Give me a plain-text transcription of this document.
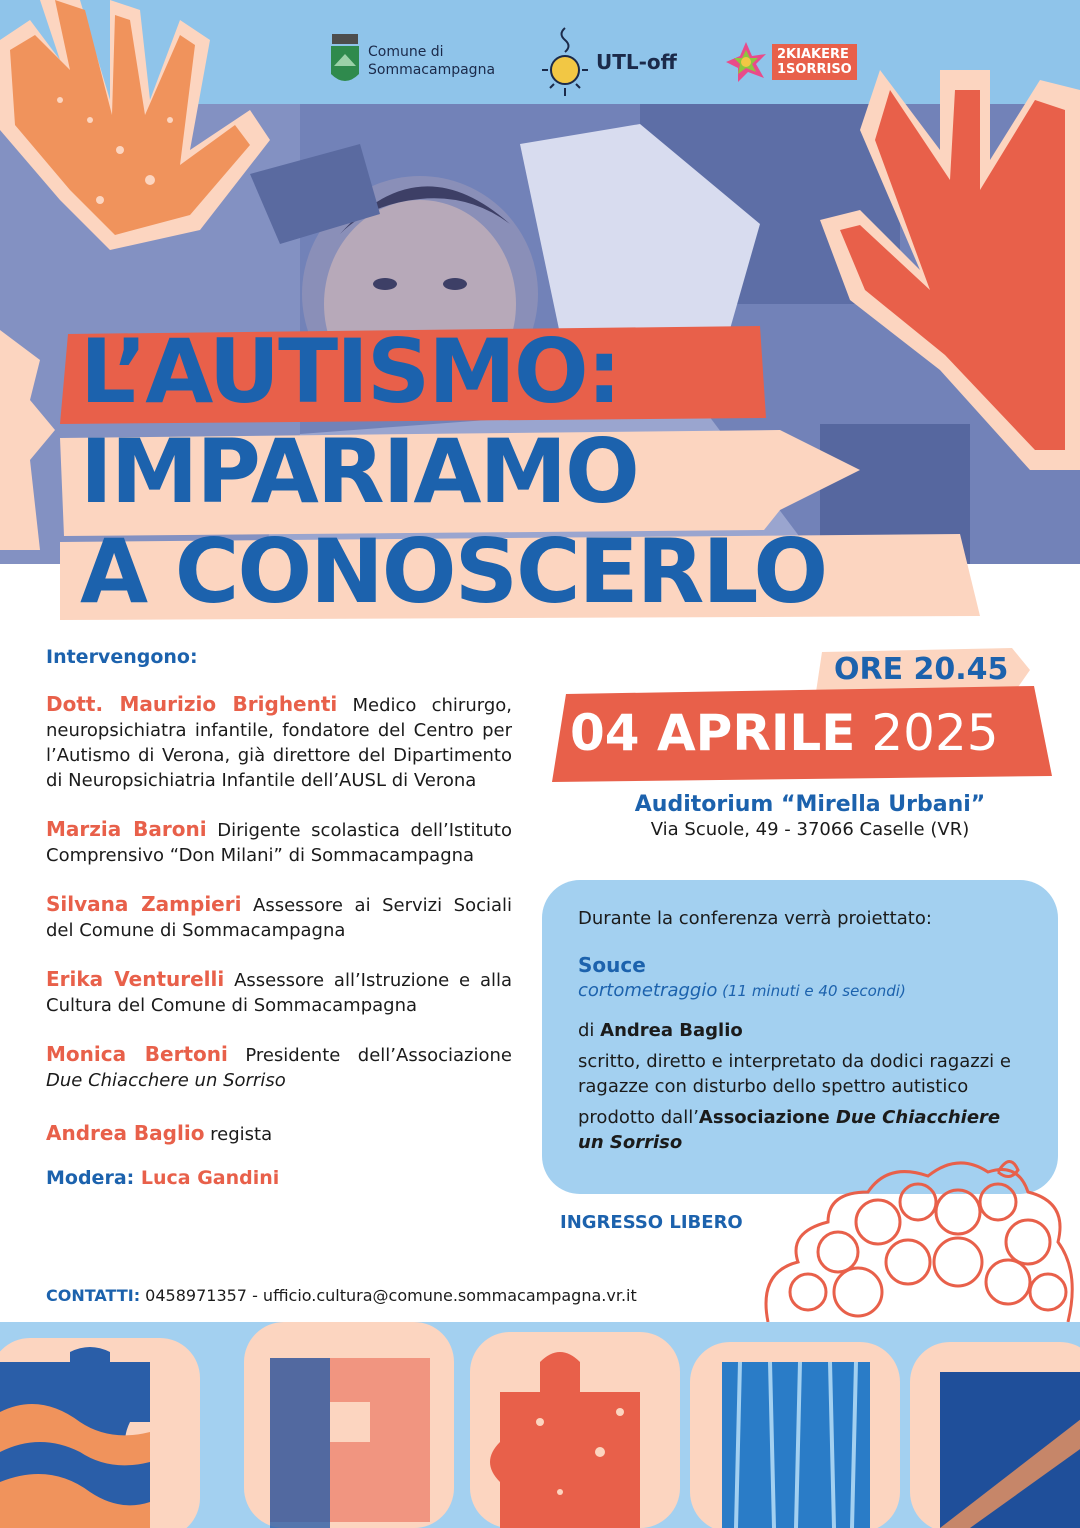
Comune di
Sommacampagna	UTL-off	2KIAKERE
1SORRISO
L’AUTISMO:
IMPARIAMO
A CONOSCERLO
Intervengono:
Dott. Maurizio Brighenti Medico chirurgo, neuropsichiatra infantile, fondatore del Centro per l’Autismo di Verona, già direttore del Dipartimento di Neuropsichiatria Infantile dell’AUSL di Verona
Marzia Baroni Dirigente scolastica dell’Istituto Comprensivo “Don Milani” di Sommacampagna
Silvana Zampieri Assessore ai Servizi Sociali del Comune di Sommacampagna
Erika Venturelli Assessore all’Istruzione e alla Cultura del Comune di Sommacampagna
Monica Bertoni Presidente dell’Associazione Due Chiacchere un Sorriso
Andrea Baglio regista
Modera: Luca Gandini
ORE 20.45
04 APRILE 2025
Auditorium “Mirella Urbani”
Via Scuole, 49 - 37066 Caselle (VR)
Durante la conferenza verrà proiettato:
Souce
cortometraggio (11 minuti e 40 secondi)
di Andrea Baglio
scritto, diretto e interpretato da dodici ragazzi e ragazze con disturbo dello spettro autistico
prodotto dall’Associazione Due Chiacchiere un Sorriso
INGRESSO LIBERO
CONTATTI: 0458971357 - ufficio.cultura@comune.sommacampagna.vr.it
